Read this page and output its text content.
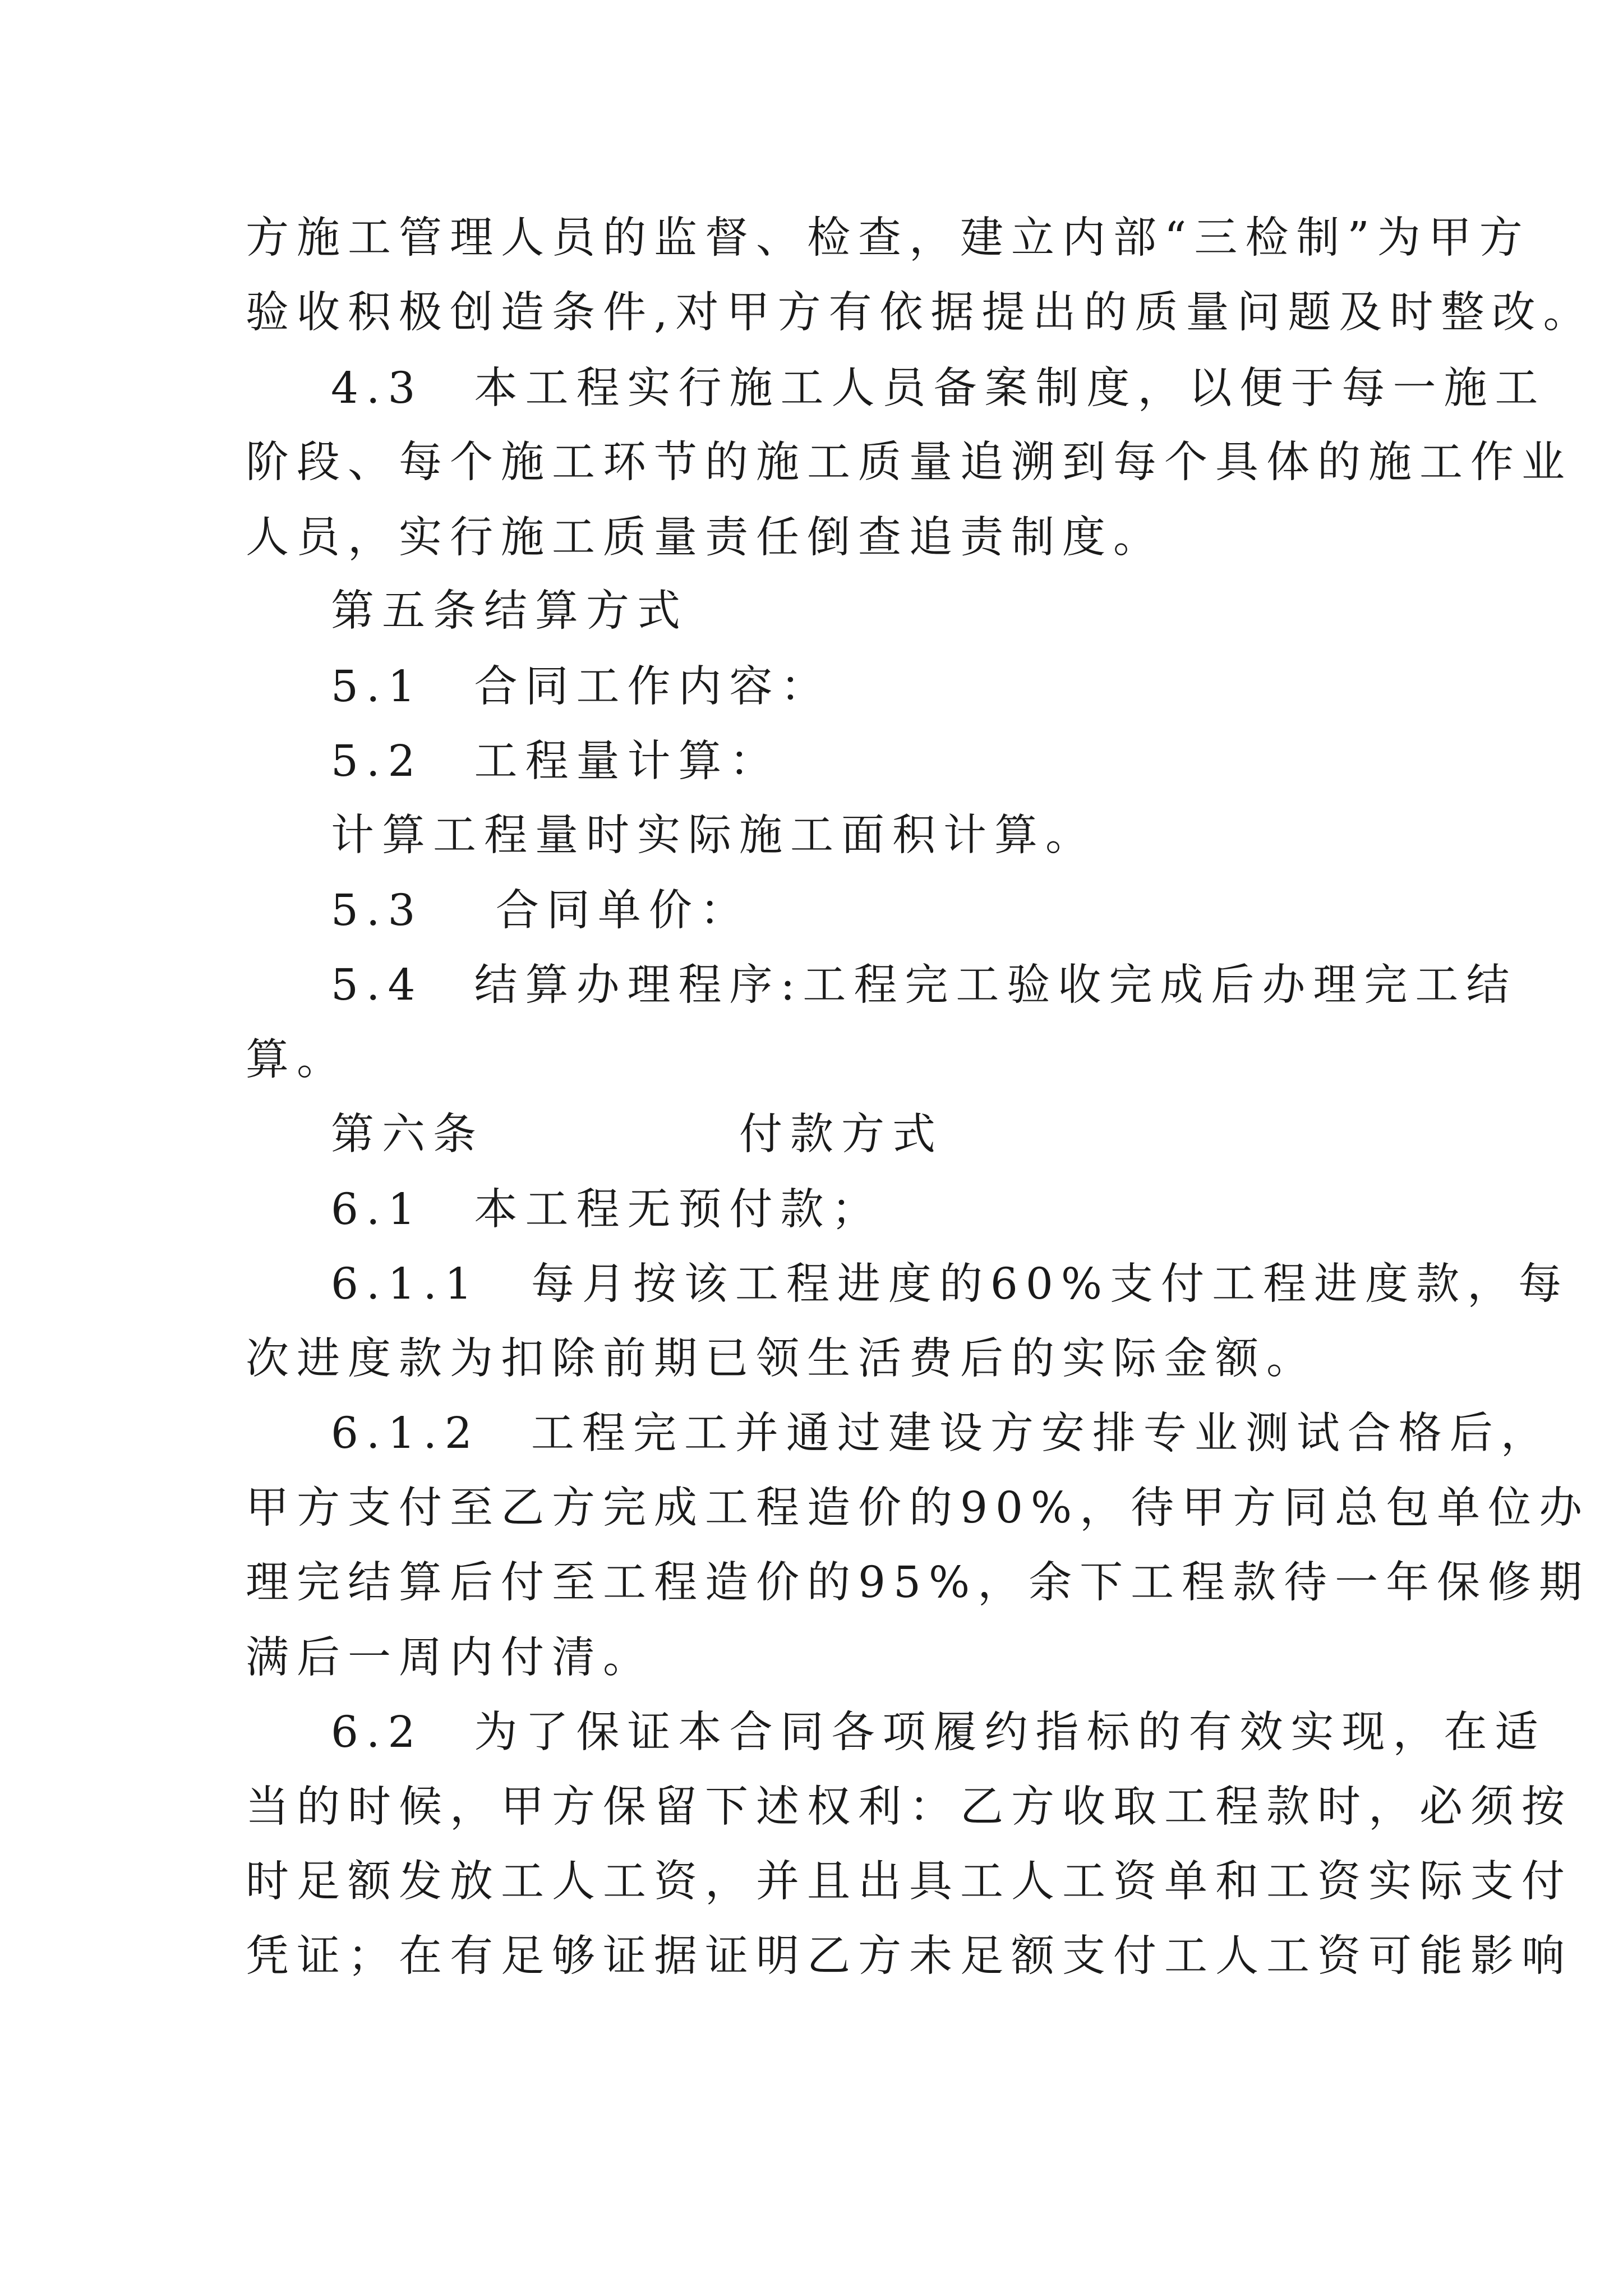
方施工管理人员的监督、检查，建立内部“三检制”为甲方
验收积极创造条件,对甲方有依据提出的质量问题及时整改。
4.3　本工程实行施工人员备案制度，以便于每一施工
阶段、每个施工环节的施工质量追溯到每个具体的施工作业
人员，实行施工质量责任倒查追责制度。
第五条结算方式
5.1　合同工作内容：
5.2　工程量计算：
计算工程量时实际施工面积计算。
5.3　 合同单价：
5.4　结算办理程序:工程完工验收完成后办理完工结
算。
第六条　　　　　付款方式
6.1　本工程无预付款；
6.1.1　每月按该工程进度的60%支付工程进度款，每
次进度款为扣除前期已领生活费后的实际金额。
6.1.2　工程完工并通过建设方安排专业测试合格后，
甲方支付至乙方完成工程造价的90%，待甲方同总包单位办
理完结算后付至工程造价的95%，余下工程款待一年保修期
满后一周内付清。
6.2　为了保证本合同各项履约指标的有效实现，在适
当的时候，甲方保留下述权利：乙方收取工程款时，必须按
时足额发放工人工资，并且出具工人工资单和工资实际支付
凭证；在有足够证据证明乙方未足额支付工人工资可能影响
